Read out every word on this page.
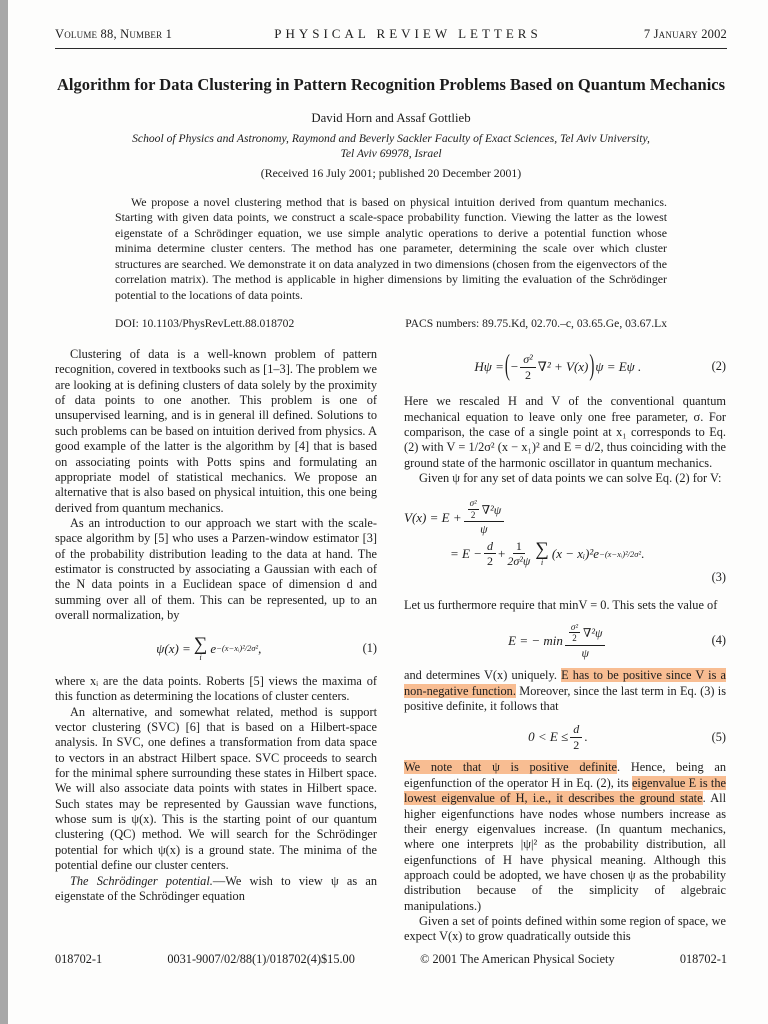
Volume 88, Number 1	PHYSICAL REVIEW LETTERS	7 January 2002
Algorithm for Data Clustering in Pattern Recognition Problems Based on Quantum Mechanics
David Horn and Assaf Gottlieb
School of Physics and Astronomy, Raymond and Beverly Sackler Faculty of Exact Sciences, Tel Aviv University,
Tel Aviv 69978, Israel
(Received 16 July 2001; published 20 December 2001)
We propose a novel clustering method that is based on physical intuition derived from quantum mechanics. Starting with given data points, we construct a scale-space probability function. Viewing the latter as the lowest eigenstate of a Schrödinger equation, we use simple analytic operations to derive a potential function whose minima determine cluster centers. The method has one parameter, determining the scale over which cluster structures are searched. We demonstrate it on data analyzed in two dimensions (chosen from the eigenvectors of the correlation matrix). The method is applicable in higher dimensions by limiting the evaluation of the Schrödinger potential to the locations of data points.
DOI: 10.1103/PhysRevLett.88.018702	PACS numbers: 89.75.Kd, 02.70.–c, 03.65.Ge, 03.67.Lx

Clustering of data is a well-known problem of pattern recognition, covered in textbooks such as [1–3]. The problem we are looking at is defining clusters of data solely by the proximity of data points to one another. This problem is one of unsupervised learning, and is in general ill defined. Solutions to such problems can be based on intuition derived from physics. A good example of the latter is the algorithm by [4] that is based on associating points with Potts spins and formulating an appropriate model of statistical mechanics. We propose an alternative that is also based on physical intuition, this one being derived from quantum mechanics.

As an introduction to our approach we start with the scale-space algorithm by [5] who uses a Parzen-window estimator [3] of the probability distribution leading to the data at hand. The estimator is constructed by associating a Gaussian with each of the N data points in a Euclidean space of dimension d and summing over all of them. This can be represented, up to an overall normalization, by

ψ(x) = ∑
i
e −(x−xᵢ)²/2σ² ,	(1)

where xᵢ are the data points. Roberts [5] views the maxima of this function as determining the locations of cluster centers.

An alternative, and somewhat related, method is support vector clustering (SVC) [6] that is based on a Hilbert-space analysis. In SVC, one defines a transformation from data space to vectors in an abstract Hilbert space. SVC proceeds to search for the minimal sphere surrounding these states in Hilbert space. We will also associate data points with states in Hilbert space. Such states may be represented by Gaussian wave functions, whose sum is ψ(x). This is the starting point of our quantum clustering (QC) method. We will search for the Schrödinger potential for which ψ(x) is a ground state. The minima of the potential define our cluster centers.

The Schrödinger potential.—We wish to view ψ as an eigenstate of the Schrödinger equation

Hψ = ( − $\frac{\text{σ²}}{2} \nabla^2 + V(x)$ ) ψ = Eψ .	(2)

Here we rescaled H and V of the conventional quantum mechanical equation to leave only one free parameter, σ. For comparison, the case of a single point at x₁ corresponds to Eq. (2) with V = 1/2σ² (x − x₁)² and E = d/2, thus coinciding with the ground state of the harmonic oscillator in quantum mechanics.

Given ψ for any set of data points we can solve Eq. (2) for V:

$V(x) = E + \frac{\frac{\text{σ²}}{2} \nabla^2\psi}{\psi}$
= $E - \frac{d}{2} + \frac{1}{\text{2σ²ψ}}$ ∑
i
(x − xᵢ)² e −(x−xᵢ)²/2σ² .
(3)

Let us furthermore require that minV = 0. This sets the value of

E = − $\min \frac{\frac{\text{σ²}}{2} \nabla^2\psi}{\psi}$	(4)

and determines V(x) uniquely. E has to be positive since V is a non-negative function. Moreover, since the last term in Eq. (3) is positive definite, it follows that

$0 < E \le \frac{d}{2}$ .	(5)

We note that ψ is positive definite. Hence, being an eigenfunction of the operator H in Eq. (2), its eigenvalue E is the lowest eigenvalue of H, i.e., it describes the ground state. All higher eigenfunctions have nodes whose numbers increase as their energy eigenvalues increase. (In quantum mechanics, where one interprets |ψ|² as the probability distribution, all eigenfunctions of H have physical meaning. Although this approach could be adopted, we have chosen ψ as the probability distribution because of the simplicity of algebraic manipulations.)

Given a set of points defined within some region of space, we expect V(x) to grow quadratically outside this

018702-1	0031-9007/02/88(1)/018702(4)$15.00	© 2001 The American Physical Society	018702-1
